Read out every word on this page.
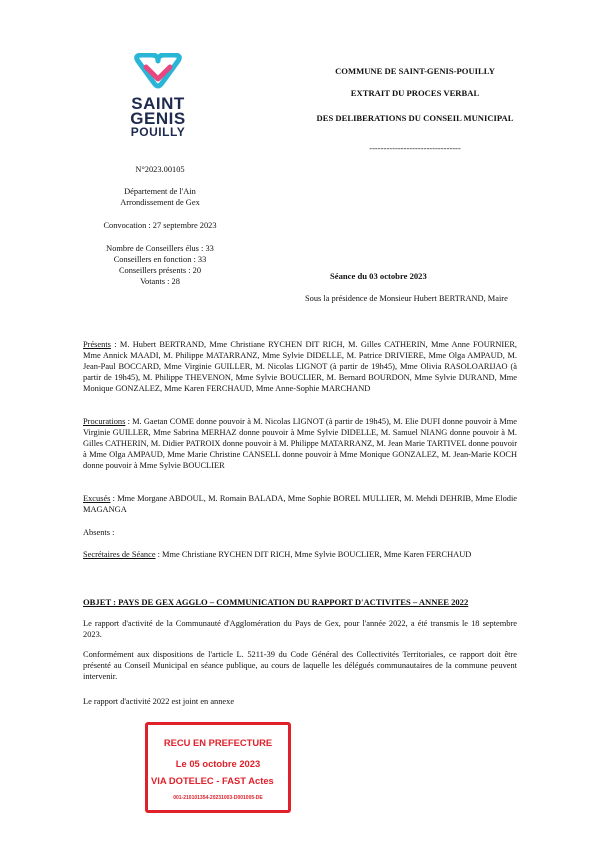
SAINT
GENIS
POUILLY
COMMUNE DE SAINT-GENIS-POUILLY
EXTRAIT DU PROCES VERBAL
DES DELIBERATIONS DU CONSEIL MUNICIPAL
--------------------------------
N°2023.00105
Département de l'Ain
Arrondissement de Gex
Convocation : 27 septembre 2023
Nombre de Conseillers élus : 33
Conseillers en fonction : 33
Conseillers présents : 20
Votants : 28
Séance du 03 octobre 2023
Sous la présidence de Monsieur Hubert BERTRAND, Maire
Présents : M. Hubert BERTRAND, Mme Christiane RYCHEN DIT RICH, M. Gilles CATHERIN, Mme Anne FOURNIER, Mme Annick MAADI, M. Philippe MATARRANZ, Mme Sylvie DIDELLE, M. Patrice DRIVIERE, Mme Olga AMPAUD, M. Jean-Paul BOCCARD, Mme Virginie GUILLER, M. Nicolas LIGNOT (à partir de 19h45), Mme Olivia RASOLOARIJAO (à partir de 19h45), M. Philippe THEVENON, Mme Sylvie BOUCLIER, M. Bernard BOURDON, Mme Sylvie DURAND, Mme Monique GONZALEZ, Mme Karen FERCHAUD, Mme Anne-Sophie MARCHAND
Procurations : M. Gaetan COME donne pouvoir à M. Nicolas LIGNOT (à partir de 19h45), M. Elie DUFI donne pouvoir à Mme Virginie GUILLER, Mme Sabrina MERHAZ donne pouvoir à Mme Sylvie DIDELLE, M. Samuel NIANG donne pouvoir à M. Gilles CATHERIN, M. Didier PATROIX donne pouvoir à M. Philippe MATARRANZ, M. Jean Marie TARTIVEL donne pouvoir à Mme Olga AMPAUD, Mme Marie Christine CANSELL donne pouvoir à Mme Monique GONZALEZ, M. Jean-Marie KOCH donne pouvoir à Mme Sylvie BOUCLIER
Excusés : Mme Morgane ABDOUL, M. Romain BALADA, Mme Sophie BOREL MULLIER, M. Mehdi DEHRIB, Mme Elodie MAGANGA
Absents :
Secrétaires de Séance : Mme Christiane RYCHEN DIT RICH, Mme Sylvie BOUCLIER, Mme Karen FERCHAUD
OBJET : PAYS DE GEX AGGLO – COMMUNICATION DU RAPPORT D'ACTIVITES – ANNEE 2022
Le rapport d'activité de la Communauté d'Agglomération du Pays de Gex, pour l'année 2022, a été transmis le 18 septembre 2023.
Conformément aux dispositions de l'article L. 5211-39 du Code Général des Collectivités Territoriales, ce rapport doit être présenté au Conseil Municipal en séance publique, au cours de laquelle les délégués communautaires de la commune peuvent intervenir.
Le rapport d'activité 2022 est joint en annexe
RECU EN PREFECTURE
Le 05 octobre 2023
VIA DOTELEC - FAST Actes
001-210101354-20231003-D001005-DE
